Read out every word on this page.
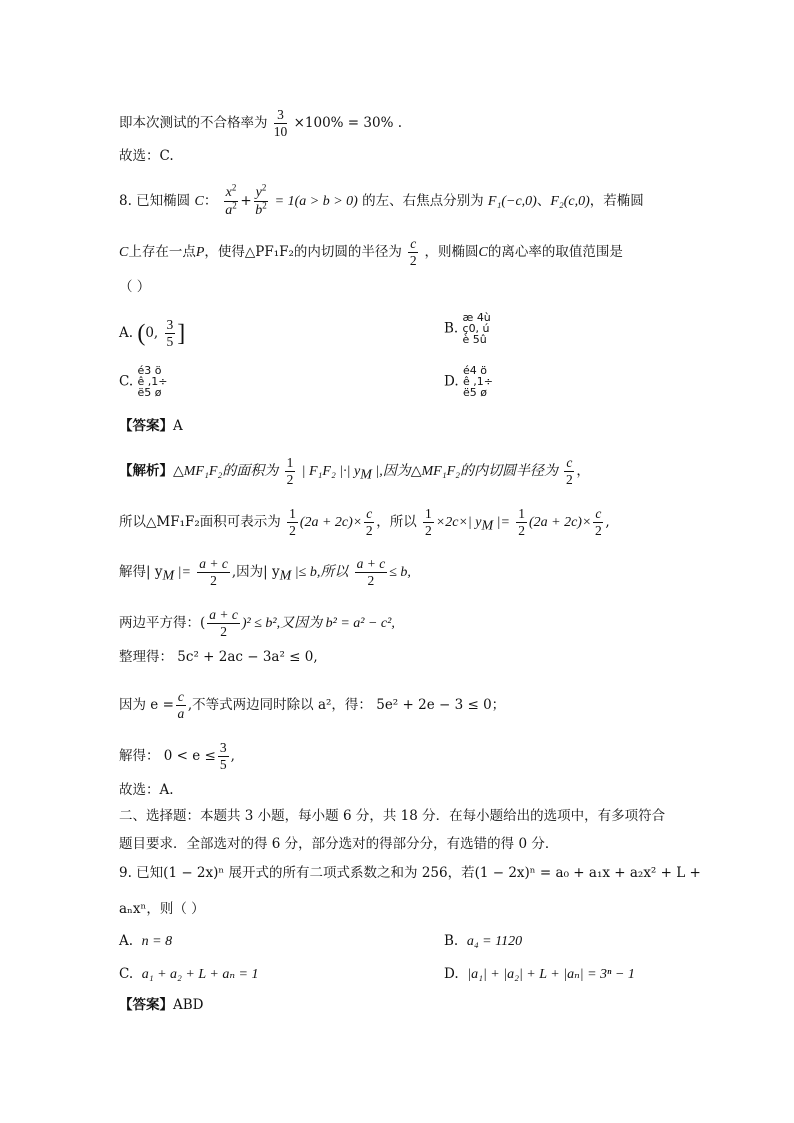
即本次测试的不合格率为 $\frac{3}{10} \times 100\% = 30\%$ .
故选：C.
8. 已知椭圆 C： $\frac{x^2}{a^2} + \frac{y^2}{b^2} = 1(a > b > 0)$ 的左、右焦点分别为 F₁(−c,0)、F₂(c,0)，若椭圆
C上存在一点P，使得△PF₁F₂的内切圆的半径为 $\frac{c}{2}$ ，则椭圆C的离心率的取值范围是
（ ）
A. (0, $\frac{3}{5}$ ]	B.
æ 4ù
ç0, ú
è 5û
C.
é3 ö
ê ,1÷
ë5 ø
D.
é4 ö
ê ,1÷
ë5 ø
【答案】A
【解析】△MF₁F₂的面积为 $\frac{1}{2}$ | F₁F₂ |·| $y_M$ |,因为△MF₁F₂的内切圆半径为 $\frac{c}{2}$ ，
所以△MF₁F₂面积可表示为 $\frac{1}{2} (2a + 2c)\times \frac{c}{2}$ ，所以 $\frac{1}{2} \times 2c\times|$ $y_M$ |= $\frac{1}{2} (2a + 2c)\times \frac{c}{2}$ ,
解得| $y_M$ |= $\frac{a + c}{2}$ ,因为| $y_M$ |≤ b,所以 $\frac{a + c}{2} \le b$,
两边平方得：( $\frac{a + c}{2} )^2 \le b^2$,又因为 b² = a² − c²,
整理得： 5c² + 2ac − 3a² ≤ 0,
因为 $e = \frac{c}{a}$ ,不等式两边同时除以 a²，得： 5e² + 2e − 3 ≤ 0；
解得： $0 < e \le \frac{3}{5}$ ,
故选：A.
二、选择题：本题共 3 小题，每小题 6 分，共 18 分．在每小题给出的选项中，有多项符合
题目要求．全部选对的得 6 分，部分选对的得部分分，有选错的得 0 分．
9. 已知(1 − 2x)ⁿ 展开式的所有二项式系数之和为 256，若(1 − 2x)ⁿ = a₀ + a₁x + a₂x² + L +
aₙxⁿ，则（ ）
A. n = 8	B. a₄ = 1120
C. a₁ + a₂ + L + aₙ = 1	D. |a₁| + |a₂| + L + |aₙ| = 3ⁿ − 1
【答案】ABD
